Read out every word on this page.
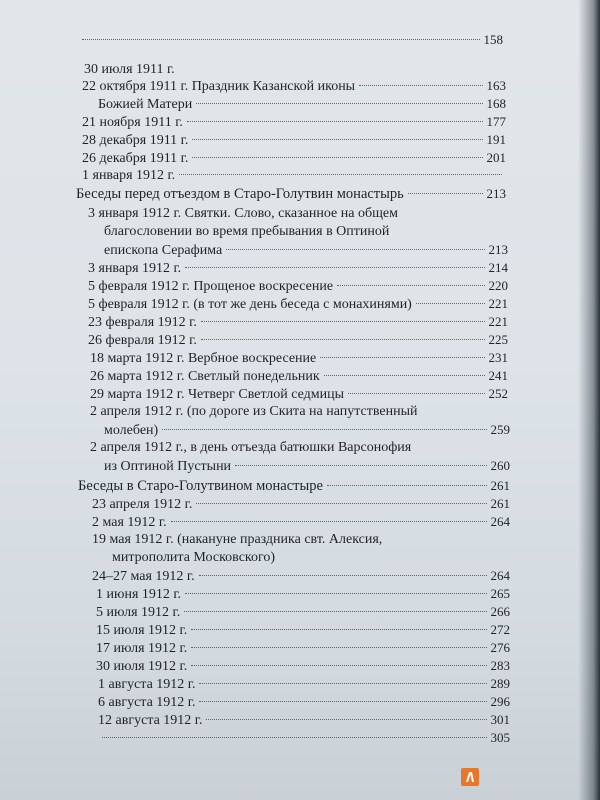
158
30 июля 1911 г.
22 октября 1911 г. Праздник Казанской иконы	163
Божией Матери	168
21 ноября 1911 г.	177
28 декабря 1911 г.	191
26 декабря 1911 г.	201
1 января 1912 г.
Беседы перед отъездом в Старо-Голутвин монастырь	213
3 января 1912 г. Святки. Слово, сказанное на общем
благословении во время пребывания в Оптиной
епископа Серафима	213
3 января 1912 г.	214
5 февраля 1912 г. Прощеное воскресение	220
5 февраля 1912 г. (в тот же день беседа с монахинями)	221
23 февраля 1912 г.	221
26 февраля 1912 г.	225
18 марта 1912 г. Вербное воскресение	231
26 марта 1912 г. Светлый понедельник	241
29 марта 1912 г. Четверг Светлой седмицы	252
2 апреля 1912 г. (по дороге из Скита на напутственный
молебен)	259
2 апреля 1912 г., в день отъезда батюшки Варсонофия
из Оптиной Пустыни	260
Беседы в Старо-Голутвином монастыре	261
23 апреля 1912 г.	261
2 мая 1912 г.	264
19 мая 1912 г. (накануне праздника свт. Алексия,
митрополита Московского)
24–27 мая 1912 г.	264
1 июня 1912 г.	265
5 июля 1912 г.	266
15 июля 1912 г.	272
17 июля 1912 г.	276
30 июля 1912 г.	283
1 августа 1912 г.	289
6 августа 1912 г.	296
12 августа 1912 г.	301
305
